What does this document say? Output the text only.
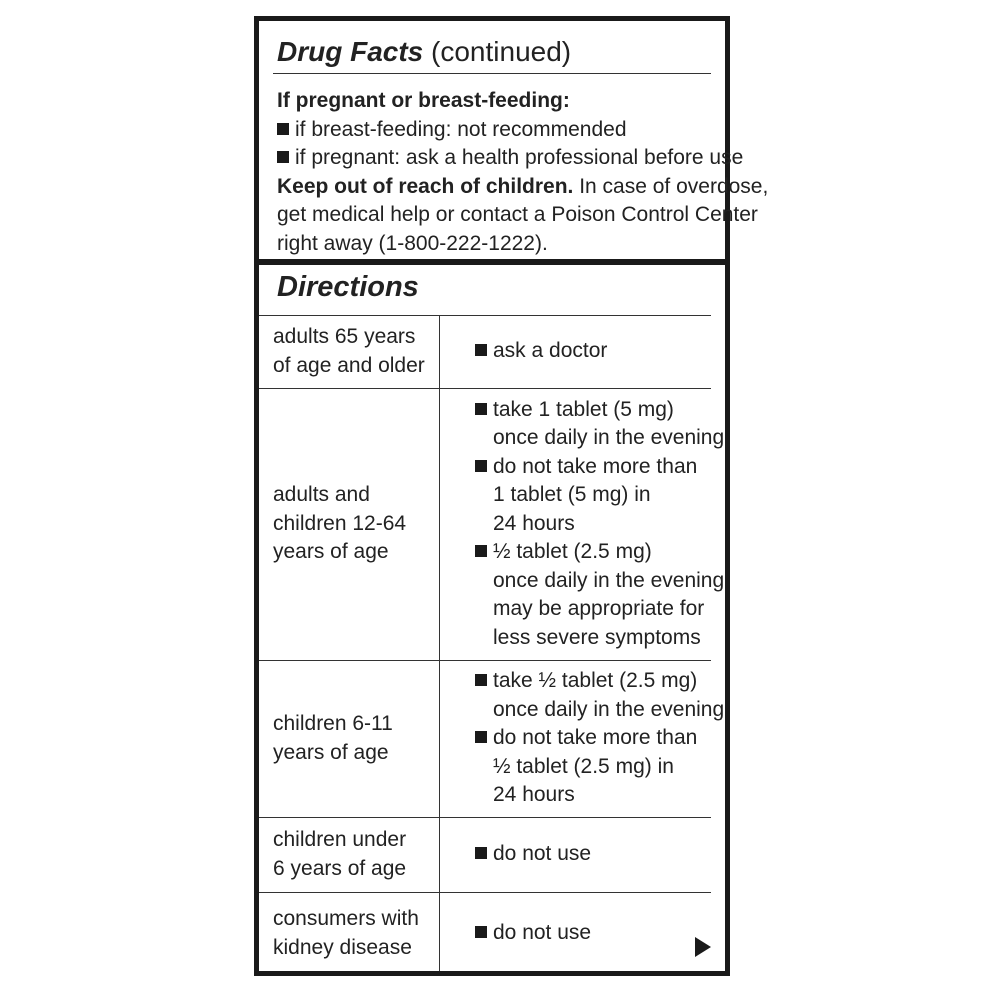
Drug Facts (continued)
If pregnant or breast-feeding:
if breast-feeding: not recommended
if pregnant: ask a health professional before use
Keep out of reach of children. In case of overdose,
get medical help or contact a Poison Control Center
right away (1-800-222-1222).
Directions
adults 65 years
of age and older
ask a doctor
adults and
children 12-64
years of age
take 1 tablet (5 mg)
once daily in the evening
do not take more than
1 tablet (5 mg) in
24 hours
½ tablet (2.5 mg)
once daily in the evening
may be appropriate for
less severe symptoms
children 6-11
years of age
take ½ tablet (2.5 mg)
once daily in the evening
do not take more than
½ tablet (2.5 mg) in
24 hours
children under
6 years of age
do not use
consumers with
kidney disease
do not use
